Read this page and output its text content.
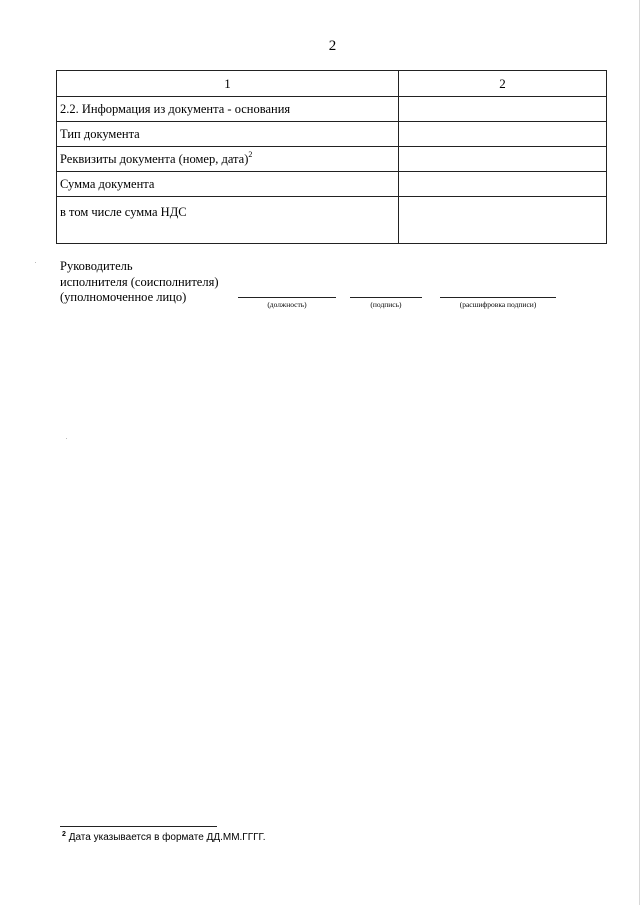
2
1	2
2.2. Информация из документа - основания	
Тип документа	
Реквизиты документа (номер, дата)$^2$	
Сумма документа	
в том числе сумма НДС	
Руководитель
исполнителя (соисполнителя)
(уполномоченное лицо)
(должность)	(подпись)	(расшифровка подписи)
$^2$ Дата указывается в формате ДД.ММ.ГГГГ.
